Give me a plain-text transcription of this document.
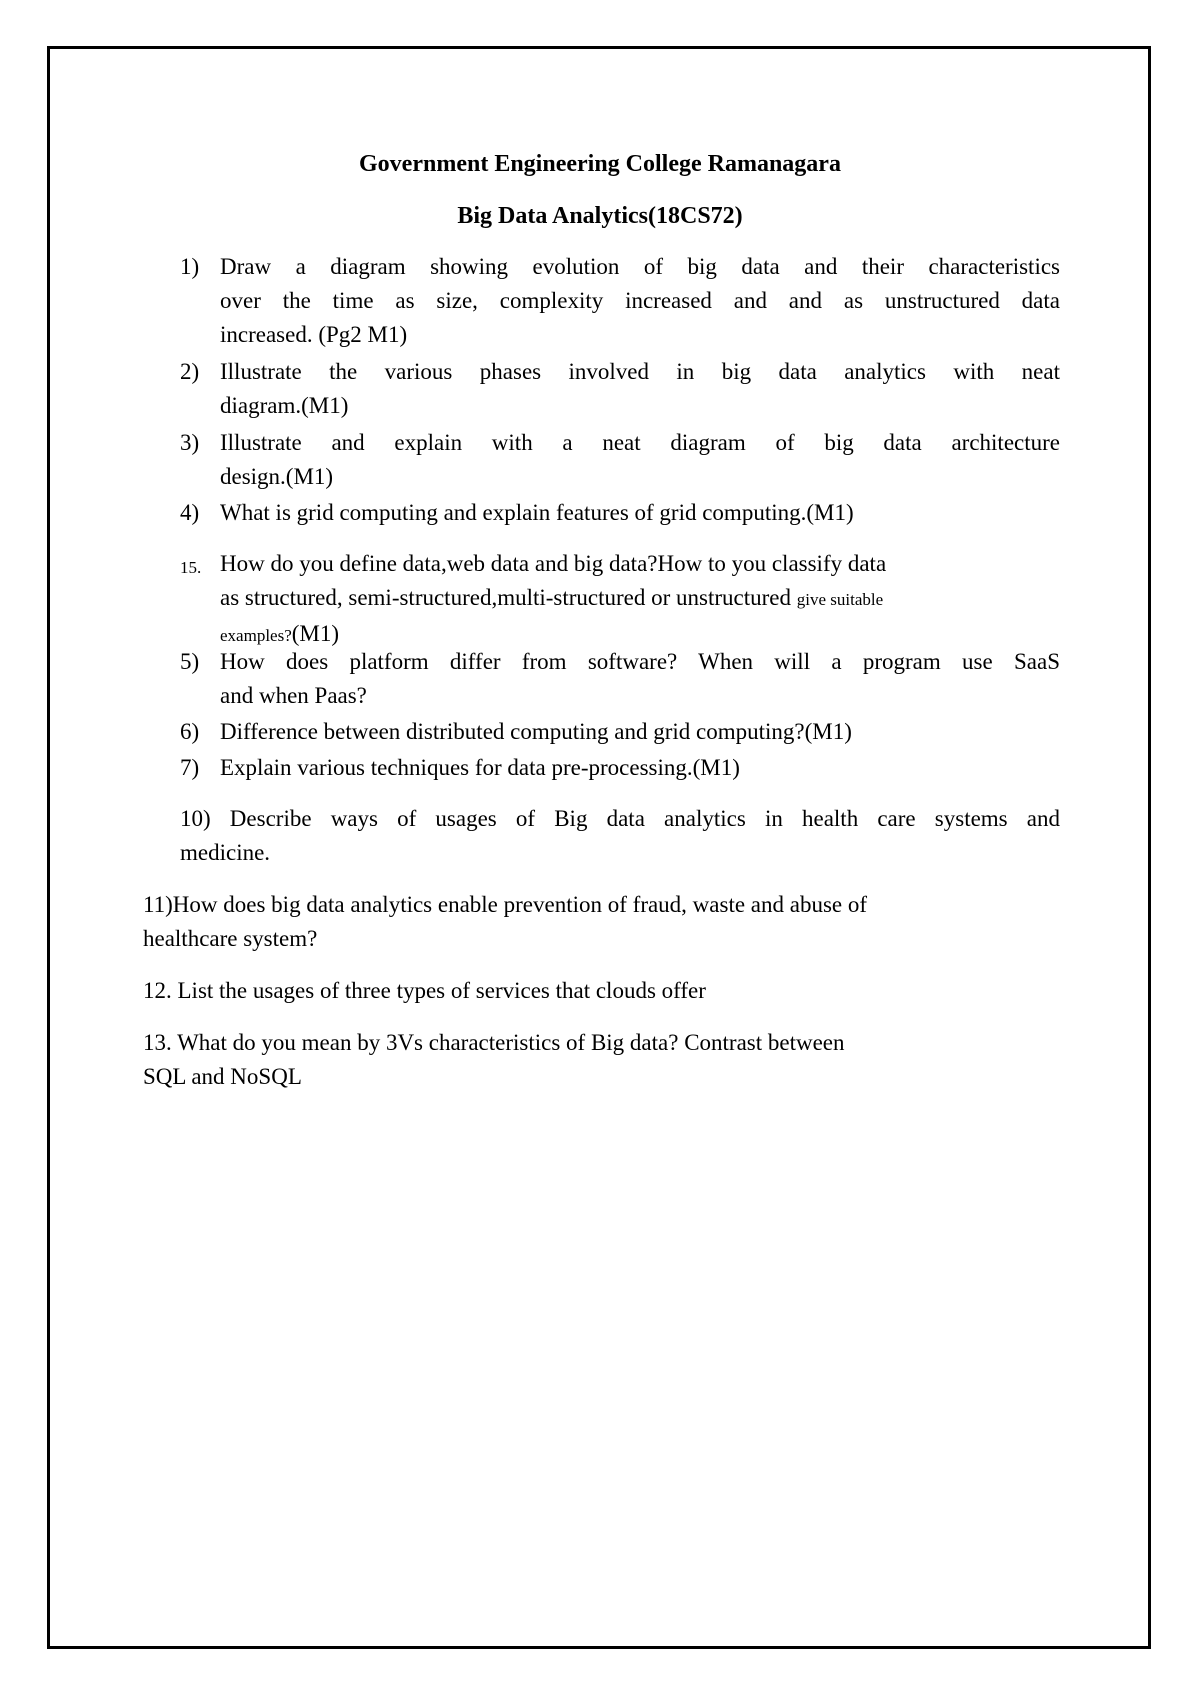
Government Engineering College Ramanagara
Big Data Analytics(18CS72)
1) Draw a diagram showing evolution of big data and their characteristics
over the time as size, complexity increased and and as unstructured data
increased. (Pg2 M1)
2) Illustrate the various phases involved in big data analytics with neat
diagram.(M1)
3) Illustrate and explain with a neat diagram of big data architecture
design.(M1)
4) What is grid computing and explain features of grid computing.(M1)
15. How do you define data,web data and big data?How to you classify data
as structured, semi-structured,multi-structured or unstructured give suitable
examples?(M1)
5) How does platform differ from software? When will a program use SaaS
and when Paas?
6) Difference between distributed computing and grid computing?(M1)
7) Explain various techniques for data pre-processing.(M1)
10) Describe ways of usages of Big data analytics in health care systems and
medicine.
11)How does big data analytics enable prevention of fraud, waste and abuse of
healthcare system?
12. List the usages of three types of services that clouds offer
13. What do you mean by 3Vs characteristics of Big data? Contrast between
SQL and NoSQL
